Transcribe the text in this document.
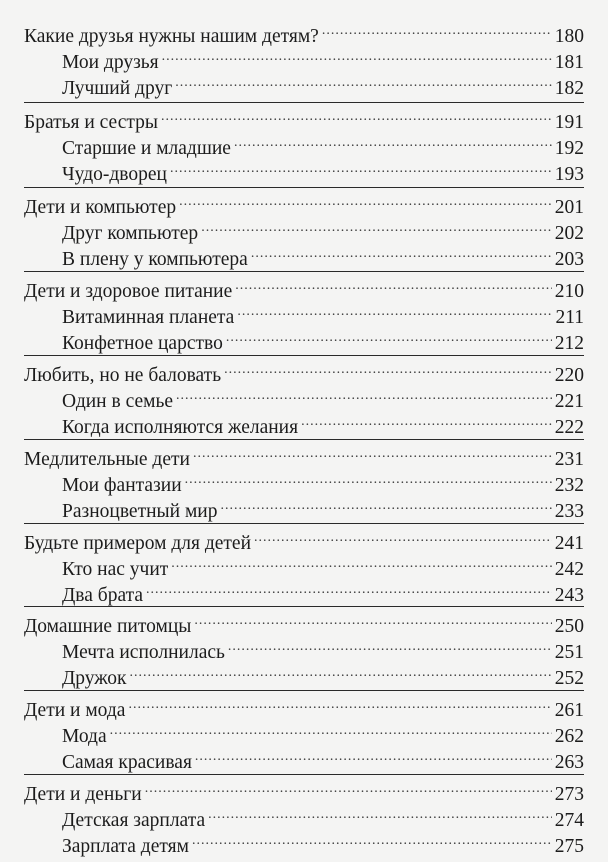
Какие друзья нужны нашим детям? .....	180
Мои друзья .....	181
Лучший друг .....	182
Братья и сестры .....	191
Старшие и младшие .....	192
Чудо-дворец .....	193
Дети и компьютер .....	201
Друг компьютер .....	202
В плену у компьютера .....	203
Дети и здоровое питание .....	210
Витаминная планета .....	211
Конфетное царство .....	212
Любить, но не баловать .....	220
Один в семье .....	221
Когда исполняются желания .....	222
Медлительные дети .....	231
Мои фантазии .....	232
Разноцветный мир .....	233
Будьте примером для детей .....	241
Кто нас учит .....	242
Два брата .....	243
Домашние питомцы .....	250
Мечта исполнилась .....	251
Дружок .....	252
Дети и мода .....	261
Мода .....	262
Самая красивая .....	263
Дети и деньги .....	273
Детская зарплата .....	274
Зарплата детям .....	275
